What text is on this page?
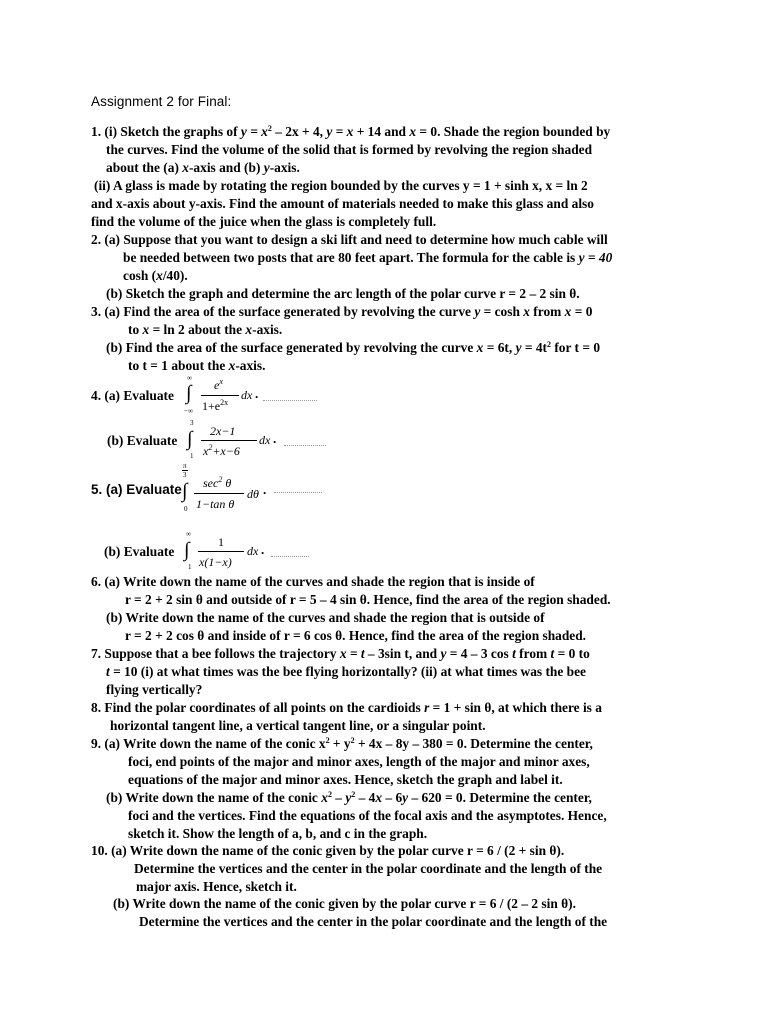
Assignment 2 for Final:
1. (i) Sketch the graphs of $y = x^2 - 2x + 4$, y = x + 14 and x = 0. Shade the region bounded by
the curves. Find the volume of the solid that is formed by revolving the region shaded
about the (a) x-axis and (b) y-axis.
(ii) A glass is made by rotating the region bounded by the curves y = 1 + sinh x, x = ln 2
and x-axis about y-axis. Find the amount of materials needed to make this glass and also
find the volume of the juice when the glass is completely full.
2. (a) Suppose that you want to design a ski lift and need to determine how much cable will
be needed between two posts that are 80 feet apart. The formula for the cable is y = 40
cosh (x/40).
(b) Sketch the graph and determine the arc length of the polar curve r = 2 – 2 sin θ.
3. (a) Find the area of the surface generated by revolving the curve y = cosh x from x = 0
to x = ln 2 about the x-axis.
(b) Find the area of the surface generated by revolving the curve x = 6t, $y = 4t^2$ for t = 0
to t = 1 about the x-axis.
4. (a) Evaluate
∞
∫
−∞
$e^x$
$1+e^{2x}$
dx .
(b) Evaluate
3
∫
1
2x−1
$x^2+x-6$
dx .
5. (a) Evaluate
π
3
∫
0
$\sec^2 \theta$
1−tan θ
dθ .
(b) Evaluate
∞
∫
1
1
x(1−x)
dx .
6. (a) Write down the name of the curves and shade the region that is inside of
r = 2 + 2 sin θ and outside of r = 5 – 4 sin θ. Hence, find the area of the region shaded.
(b) Write down the name of the curves and shade the region that is outside of
r = 2 + 2 cos θ and inside of r = 6 cos θ. Hence, find the area of the region shaded.
7. Suppose that a bee follows the trajectory x = t – 3sin t, and y = 4 – 3 cos t from t = 0 to
t = 10 (i) at what times was the bee flying horizontally? (ii) at what times was the bee
flying vertically?
8. Find the polar coordinates of all points on the cardioids r = 1 + sin θ, at which there is a
horizontal tangent line, a vertical tangent line, or a singular point.
9. (a) Write down the name of the conic $x^2 + y^2 + 4x - 8y - 380 = 0$. Determine the center,
foci, end points of the major and minor axes, length of the major and minor axes,
equations of the major and minor axes. Hence, sketch the graph and label it.
(b) Write down the name of the conic $x^2 - y^2 - 4x - 6y - 620 = 0$. Determine the center,
foci and the vertices. Find the equations of the focal axis and the asymptotes. Hence,
sketch it. Show the length of a, b, and c in the graph.
10. (a) Write down the name of the conic given by the polar curve r = 6 / (2 + sin θ).
Determine the vertices and the center in the polar coordinate and the length of the
major axis. Hence, sketch it.
(b) Write down the name of the conic given by the polar curve r = 6 / (2 – 2 sin θ).
Determine the vertices and the center in the polar coordinate and the length of the
